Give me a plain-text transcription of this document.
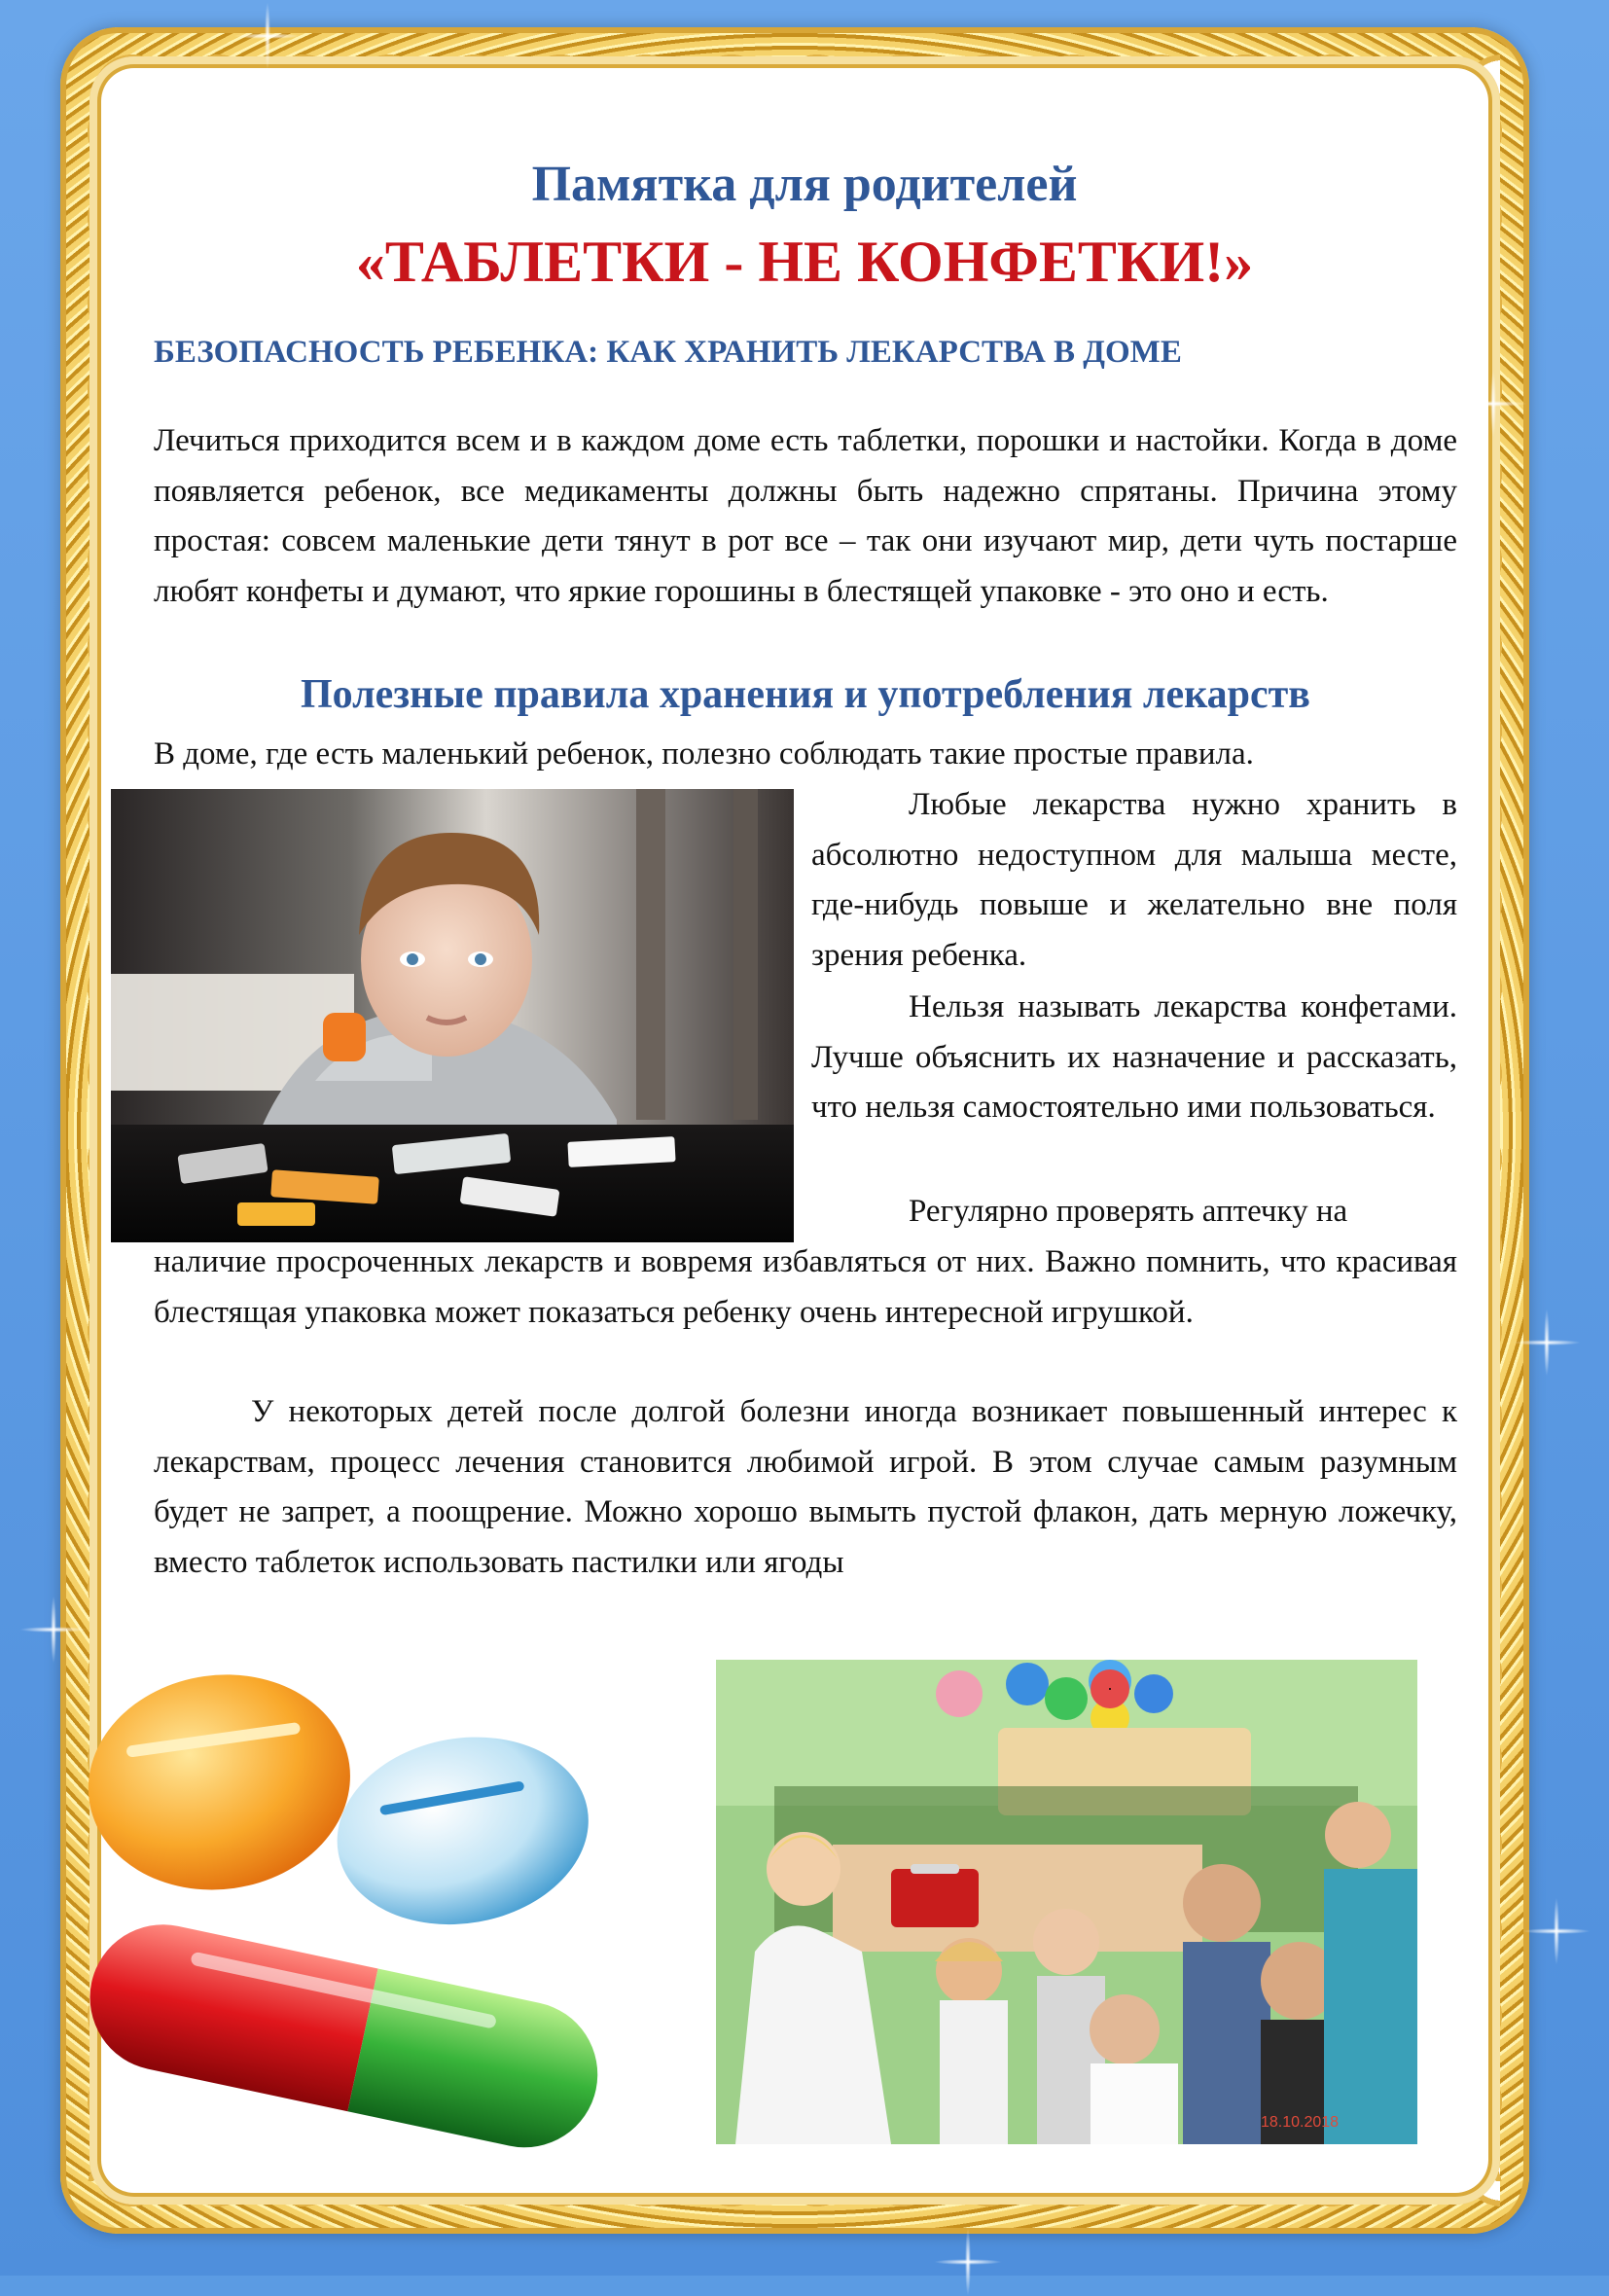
Памятка для родителей
«ТАБЛЕТКИ - НЕ КОНФЕТКИ!»
БЕЗОПАСНОСТЬ РЕБЕНКА: КАК ХРАНИТЬ ЛЕКАРСТВА В ДОМЕ
Лечиться приходится всем и в каждом доме есть таблетки, порошки и настойки. Когда в доме появляется ребенок, все медикаменты должны быть надежно спрятаны. Причина этому простая: совсем маленькие дети тянут в рот все – так они изучают мир, дети чуть постарше любят конфеты и думают, что яркие горошины в блестящей упаковке - это оно и есть.
Полезные правила хранения и употребления лекарств
В доме, где есть маленький ребенок, полезно соблюдать такие простые правила.
Любые лекарства нужно хранить в абсолютно недоступном для малыша месте, где-нибудь повыше и желательно вне поля зрения ребенка.
Нельзя называть лекарства конфетами. Лучше объяснить их назначение и рассказать, что нельзя самостоятельно ими пользоваться.
Регулярно проверять аптечку на
наличие просроченных лекарств и вовремя избавляться от них. Важно помнить, что красивая блестящая упаковка может показаться ребенку очень интересной игрушкой.
У некоторых детей после долгой болезни иногда возникает повышенный интерес к лекарствам, процесс лечения становится любимой игрой. В этом случае самым разумным будет не запрет, а поощрение. Можно хорошо вымыть пустой флакон, дать мерную ложечку, вместо таблеток использовать пастилки или ягоды
18.10.2018
